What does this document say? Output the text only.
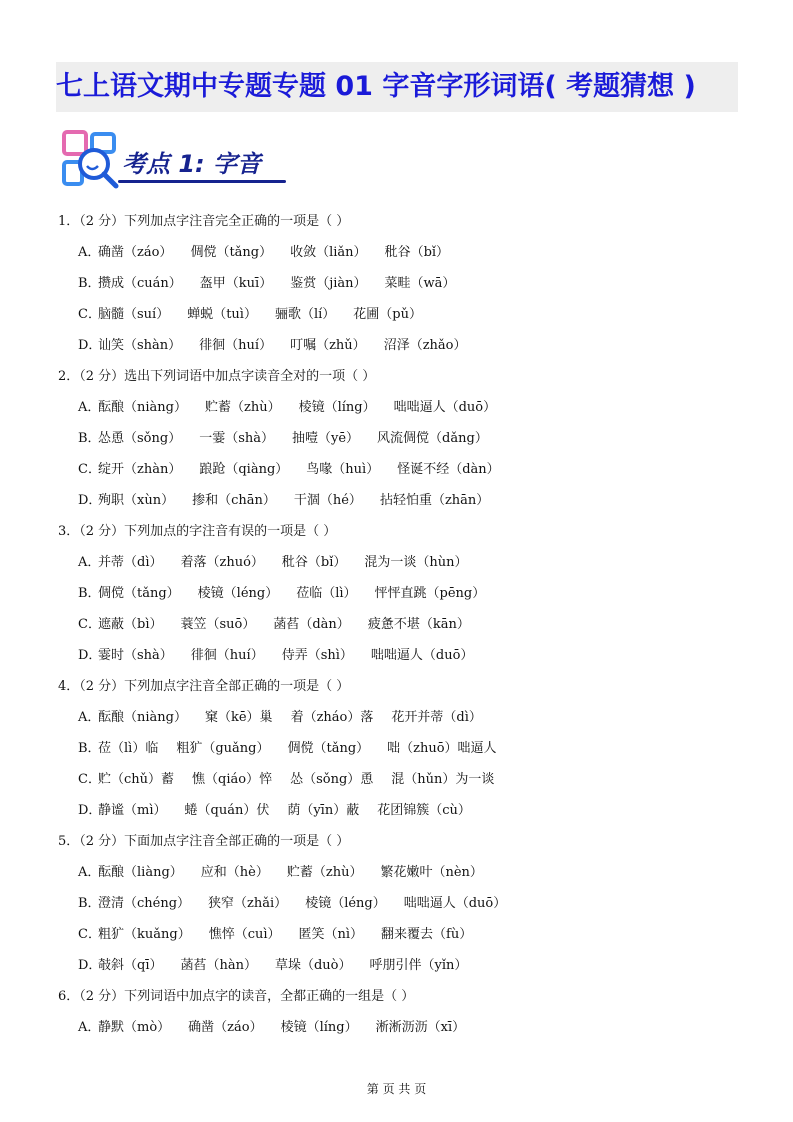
七上语文期中专题专题 01 字音字形词语( 考题猜想 )
考点 1: 字音
1．（2 分）下列加点字注音完全正确的一项是（ ）
A．确凿（záo） 倜傥（tǎng） 收敛（liǎn） 秕谷（bǐ）
B．攒成（cuán） 盔甲（kuī） 鉴赏（jiàn） 菜畦（wā）
C．脑髓（suí） 蝉蜕（tuì） 骊歌（lí） 花圃（pǔ）
D．讪笑（shàn） 徘徊（huí） 叮嘱（zhǔ） 沼泽（zhǎo）
2．（2 分）选出下列词语中加点字读音全对的一项（ ）
A．酝酿（niàng） 贮蓄（zhù） 棱镜（líng） 咄咄逼人（duō）
B．怂恿（sǒng） 一霎（shà） 抽噎（yē） 风流倜傥（dǎng）
C．绽开（zhàn） 踉跄（qiàng） 鸟喙（huì） 怪诞不经（dàn）
D．殉职（xùn） 掺和（chān） 干涸（hé） 拈轻怕重（zhān）
3．（2 分）下列加点的字注音有误的一项是（ ）
A．并蒂（dì） 着落（zhuó） 秕谷（bǐ） 混为一谈（hùn）
B．倜傥（tǎng） 棱镜（léng） 莅临（lì） 怦怦直跳（pēng）
C．遮蔽（bì） 蓑笠（suō） 菡萏（dàn） 疲惫不堪（kān）
D．霎时（shà） 徘徊（huí） 侍弄（shì） 咄咄逼人（duō）
4．（2 分）下列加点字注音全部正确的一项是（ ）
A．酝酿（niàng） 窠（kē）巢 着（zháo）落 花开并蒂（dì）
B．莅（lì）临 粗犷（guǎng） 倜傥（tǎng） 咄（zhuō）咄逼人
C．贮（chǔ）蓄 憔（qiáo）悴 怂（sǒng）恿 混（hǔn）为一谈
D．静谧（mì） 蜷（quán）伏 荫（yīn）蔽 花团锦簇（cù）
5．（2 分）下面加点字注音全部正确的一项是（ ）
A．酝酿（liàng） 应和（hè） 贮蓄（zhù） 繁花嫩叶（nèn）
B．澄清（chéng） 狭窄（zhǎi） 棱镜（léng） 咄咄逼人（duō）
C．粗犷（kuǎng） 憔悴（cuì） 匿笑（nì） 翻来覆去（fù）
D．攲斜（qī） 菡萏（hàn） 草垛（duò） 呼朋引伴（yǐn）
6．（2 分）下列词语中加点字的读音，全都正确的一组是（ ）
A．静默（mò） 确凿（záo） 棱镜（líng） 淅淅沥沥（xī）
第 页 共 页
